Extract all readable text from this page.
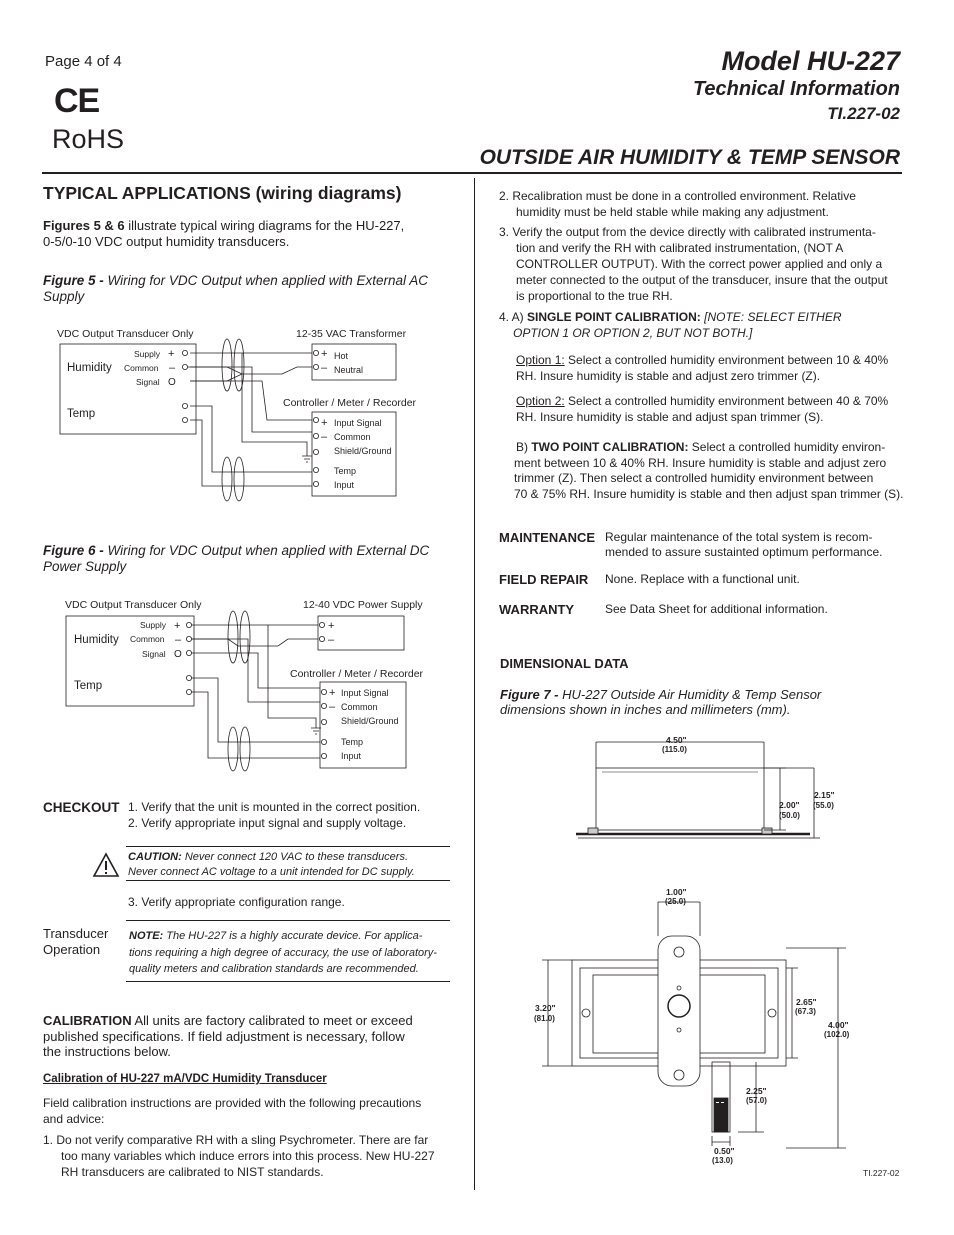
Page 4 of 4
CE
RoHS
Model HU-227
Technical Information
TI.227-02
OUTSIDE AIR HUMIDITY & TEMP SENSOR
TYPICAL APPLICATIONS (wiring diagrams)
Figures 5 & 6 illustrate typical wiring diagrams for the HU-227,
0-5/0-10 VDC output humidity transducers.
Figure 5 - Wiring for VDC Output when applied with External AC
Supply
VDC Output Transducer Only	12-35 VAC Transformer
Humidity
Temp
Supply
Common
Signal
+
–
O
+
–
Hot
Neutral
Controller / Meter / Recorder
+
–
Input Signal
Common
Shield/Ground
Temp
Input
Figure 6 - Wiring for VDC Output when applied with External DC
Power Supply
VDC Output Transducer Only	12-40 VDC Power Supply
Humidity
Temp
Supply
Common
Signal
+
–
O
+
–
Controller / Meter / Recorder
+
–
Input Signal
Common
Shield/Ground
Temp
Input
CHECKOUT 1. Verify that the unit is mounted in the correct position.
2. Verify appropriate input signal and supply voltage.
CAUTION: Never connect 120 VAC to these transducers.
Never connect AC voltage to a unit intended for DC supply.
3. Verify appropriate configuration range.
Transducer
Operation
NOTE: The HU-227 is a highly accurate device. For applica-
tions requiring a high degree of accuracy, the use of laboratory-
quality meters and calibration standards are recommended.
CALIBRATION All units are factory calibrated to meet or exceed
published specifications. If field adjustment is necessary, follow
the instructions below.
Calibration of HU-227 mA/VDC Humidity Transducer
Field calibration instructions are provided with the following precautions
and advice:
1. Do not verify comparative RH with a sling Psychrometer. There are far
too many variables which induce errors into this process. New HU-227
RH transducers are calibrated to NIST standards.
2. Recalibration must be done in a controlled environment. Relative
humidity must be held stable while making any adjustment.
3. Verify the output from the device directly with calibrated instrumenta-
tion and verify the RH with calibrated instrumentation, (NOT A
CONTROLLER OUTPUT). With the correct power applied and only a
meter connected to the output of the transducer, insure that the output
is proportional to the true RH.
4. A) SINGLE POINT CALIBRATION: [NOTE: SELECT EITHER
OPTION 1 OR OPTION 2, BUT NOT BOTH.]
Option 1: Select a controlled humidity environment between 10 & 40%
RH. Insure humidity is stable and adjust zero trimmer (Z).
Option 2: Select a controlled humidity environment between 40 & 70%
RH. Insure humidity is stable and adjust span trimmer (S).
B) TWO POINT CALIBRATION: Select a controlled humidity environ-
ment between 10 & 40% RH. Insure humidity is stable and adjust zero
trimmer (Z). Then select a controlled humidity environment between
70 & 75% RH. Insure humidity is stable and then adjust span trimmer (S).
MAINTENANCE Regular maintenance of the total system is recom-
mended to assure sustainted optimum performance.
FIELD REPAIR None. Replace with a functional unit.
WARRANTY	See Data Sheet for additional information.
DIMENSIONAL DATA
Figure 7 - HU-227 Outside Air Humidity & Temp Sensor
dimensions shown in inches and millimeters (mm).
4.50"
(115.0)
2.00"
(50.0)
2.15"
(55.0)
1.00"
(25.0)
3.20"
(81.0)
2.65"
(67.3)
4.00"
(102.0)
2.25"
(57.0)
0.50"
(13.0)
TI.227-02
